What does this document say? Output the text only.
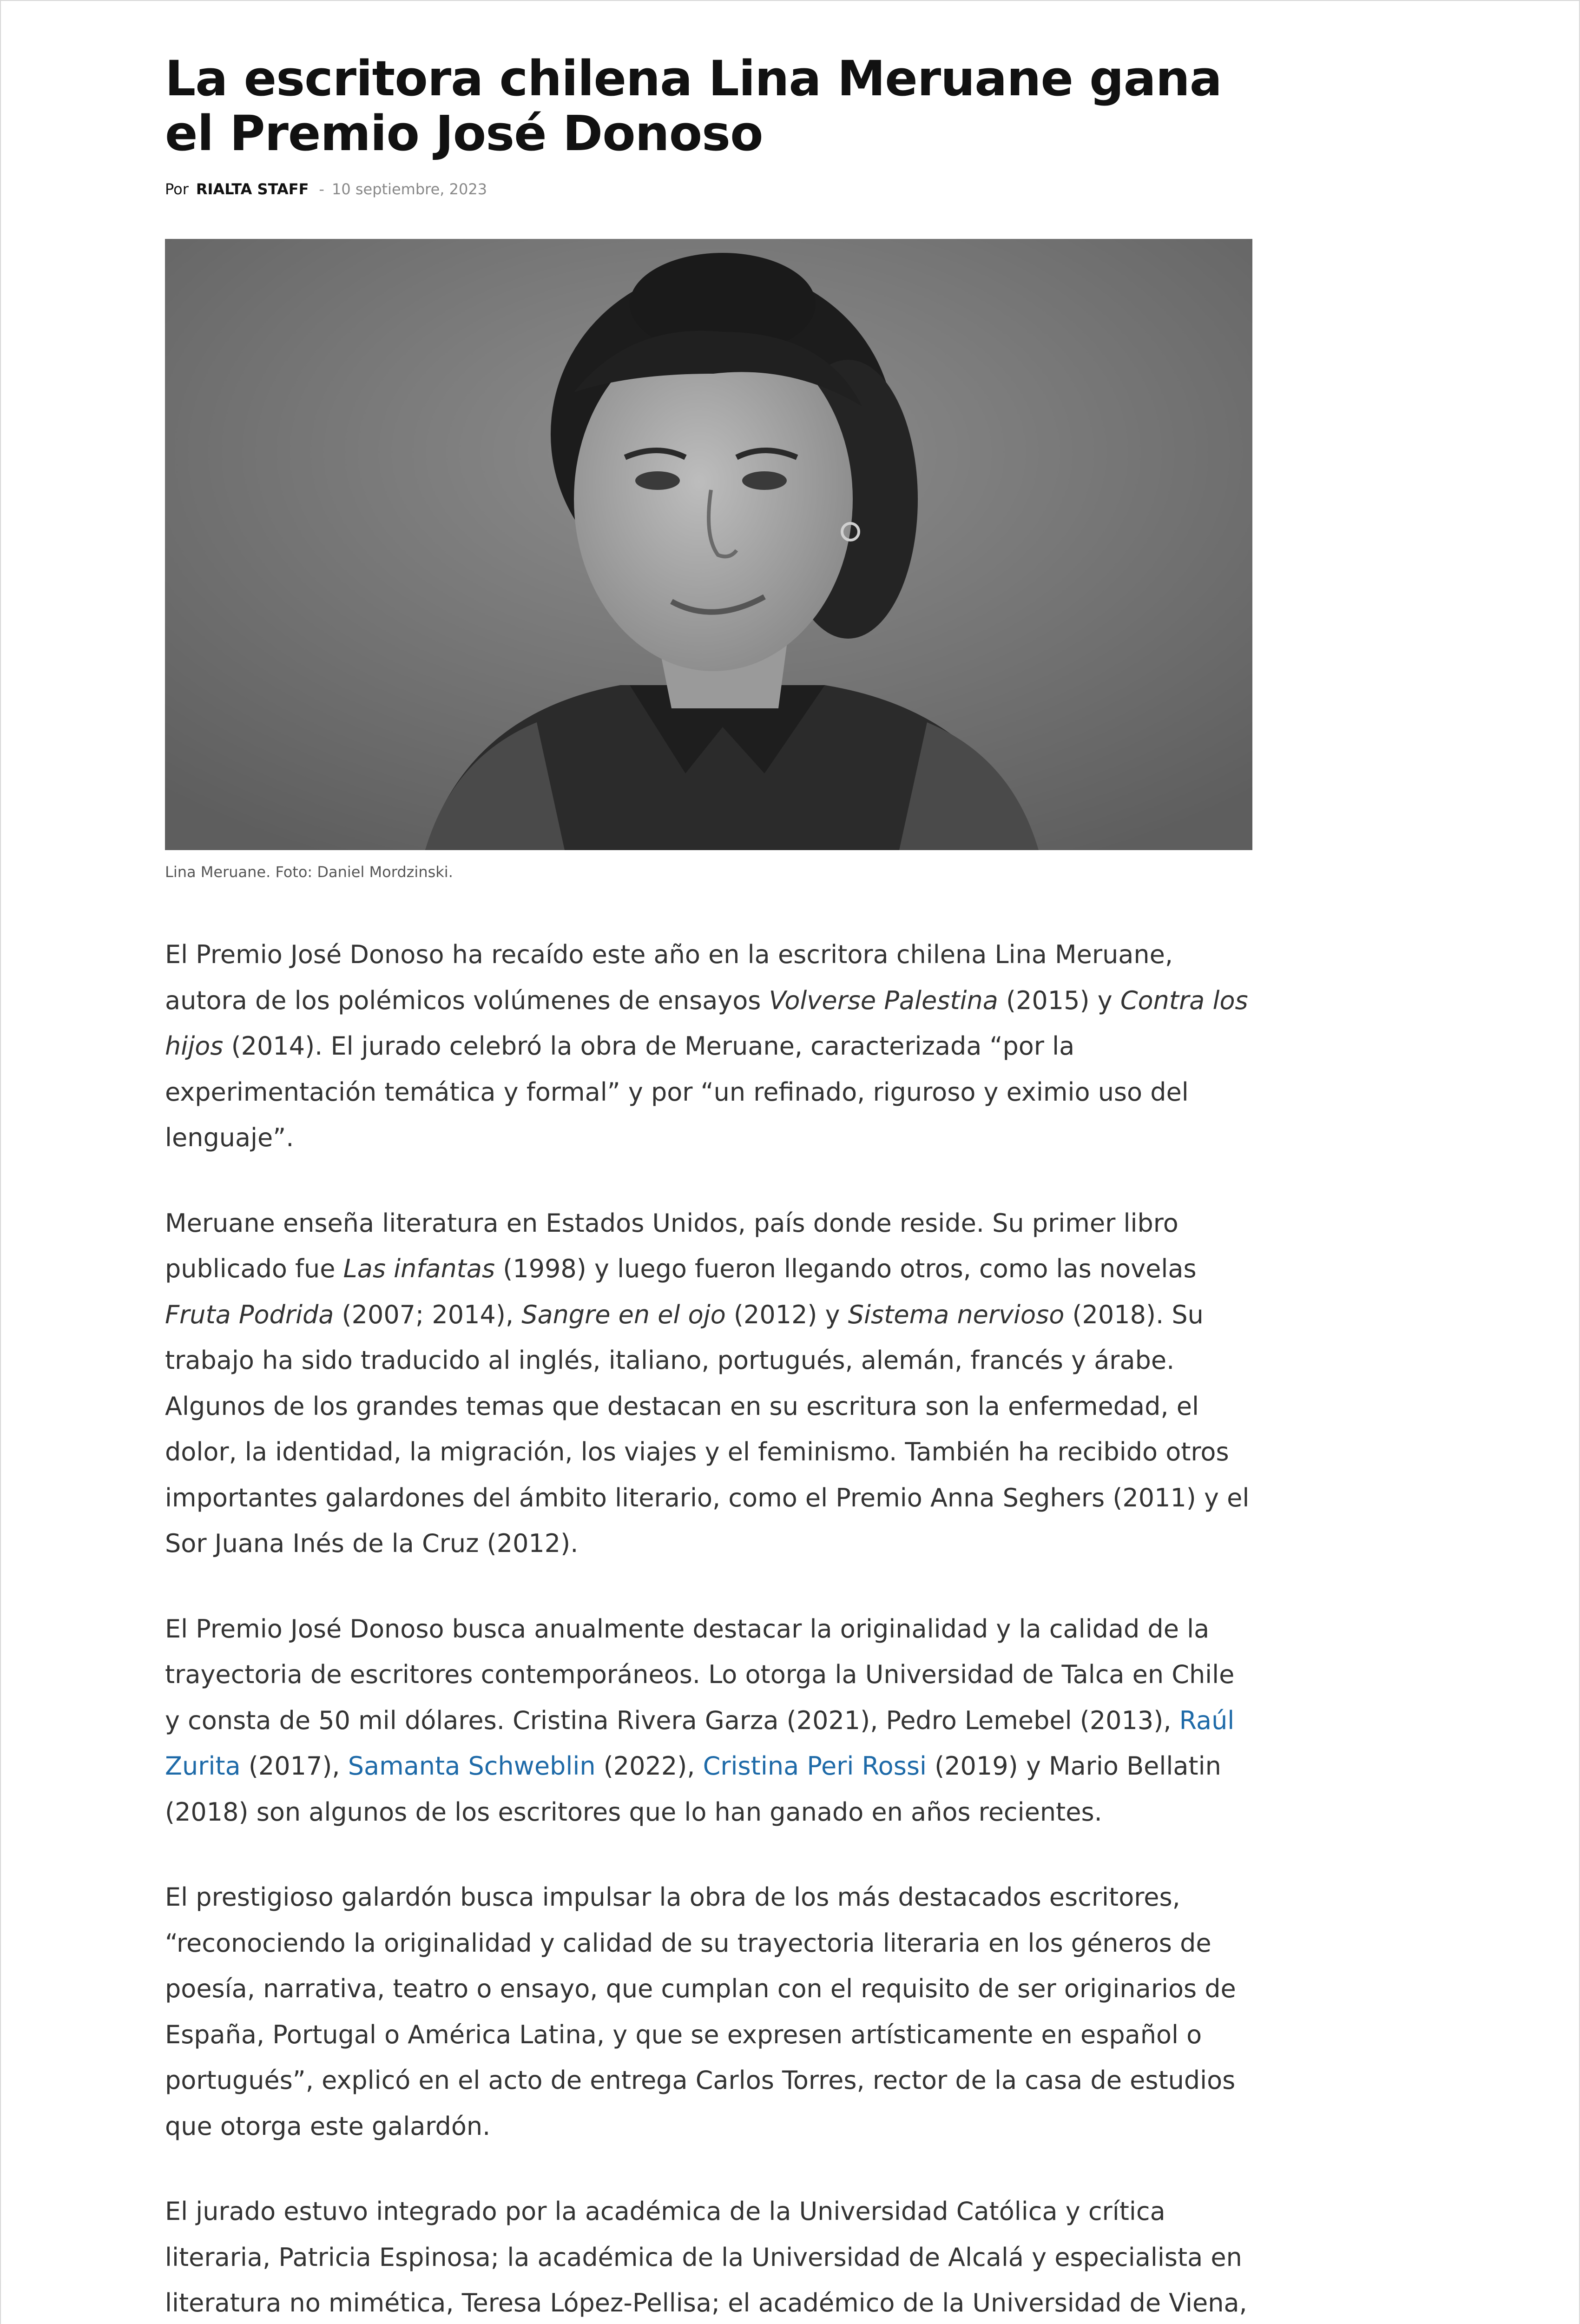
La escritora chilena Lina Meruane gana el Premio José Donoso
Por RIALTA STAFF - 10 septiembre, 2023
Lina Meruane. Foto: Daniel Mordzinski.

El Premio José Donoso ha recaído este año en la escritora chilena Lina Meruane, autora de los polémicos volúmenes de ensayos Volverse Palestina (2015) y Contra los hijos (2014). El jurado celebró la obra de Meruane, caracterizada “por la experimentación temática y formal” y por “un refinado, riguroso y eximio uso del lenguaje”.

Meruane enseña literatura en Estados Unidos, país donde reside. Su primer libro publicado fue Las infantas (1998) y luego fueron llegando otros, como las novelas Fruta Podrida (2007; 2014), Sangre en el ojo (2012) y Sistema nervioso (2018). Su trabajo ha sido traducido al inglés, italiano, portugués, alemán, francés y árabe. Algunos de los grandes temas que destacan en su escritura son la enfermedad, el dolor, la identidad, la migración, los viajes y el feminismo. También ha recibido otros importantes galardones del ámbito literario, como el Premio Anna Seghers (2011) y el Sor Juana Inés de la Cruz (2012).

El Premio José Donoso busca anualmente destacar la originalidad y la calidad de la trayectoria de escritores contemporáneos. Lo otorga la Universidad de Talca en Chile y consta de 50 mil dólares. Cristina Rivera Garza (2021), Pedro Lemebel (2013), Raúl Zurita (2017), Samanta Schweblin (2022), Cristina Peri Rossi (2019) y Mario Bellatin (2018) son algunos de los escritores que lo han ganado en años recientes.

El prestigioso galardón busca impulsar la obra de los más destacados escritores, “reconociendo la originalidad y calidad de su trayectoria literaria en los géneros de poesía, narrativa, teatro o ensayo, que cumplan con el requisito de ser originarios de España, Portugal o América Latina, y que se expresen artísticamente en español o portugués”, explicó en el acto de entrega Carlos Torres, rector de la casa de estudios que otorga este galardón.

El jurado estuvo integrado por la académica de la Universidad Católica y crítica literaria, Patricia Espinosa; la académica de la Universidad de Alcalá y especialista en literatura no mimética, Teresa López-Pellisa; el académico de la Universidad de Viena,
